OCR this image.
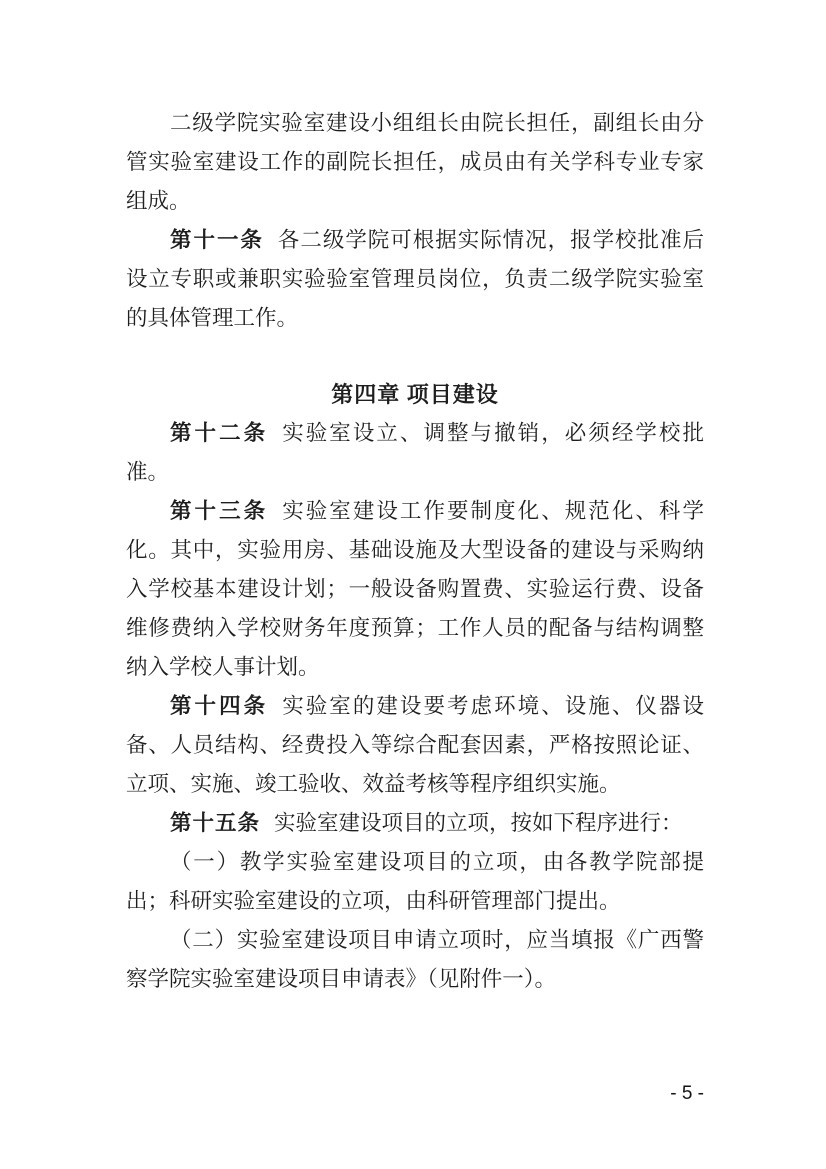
二级学院实验室建设小组组长由院长担任，副组长由分管实验室建设工作的副院长担任，成员由有关学科专业专家组成。

第十一条 各二级学院可根据实际情况，报学校批准后设立专职或兼职实验验室管理员岗位，负责二级学院实验室的具体管理工作。

第四章 项目建设

第十二条 实验室设立、调整与撤销，必须经学校批准。

第十三条 实验室建设工作要制度化、规范化、科学化。其中，实验用房、基础设施及大型设备的建设与采购纳入学校基本建设计划；一般设备购置费、实验运行费、设备维修费纳入学校财务年度预算；工作人员的配备与结构调整纳入学校人事计划。

第十四条 实验室的建设要考虑环境、设施、仪器设备、人员结构、经费投入等综合配套因素，严格按照论证、立项、实施、竣工验收、效益考核等程序组织实施。

第十五条 实验室建设项目的立项，按如下程序进行：

（一）教学实验室建设项目的立项，由各教学院部提出；科研实验室建设的立项，由科研管理部门提出。

（二）实验室建设项目申请立项时，应当填报《广西警察学院实验室建设项目申请表》（见附件一）。

- 5 -
